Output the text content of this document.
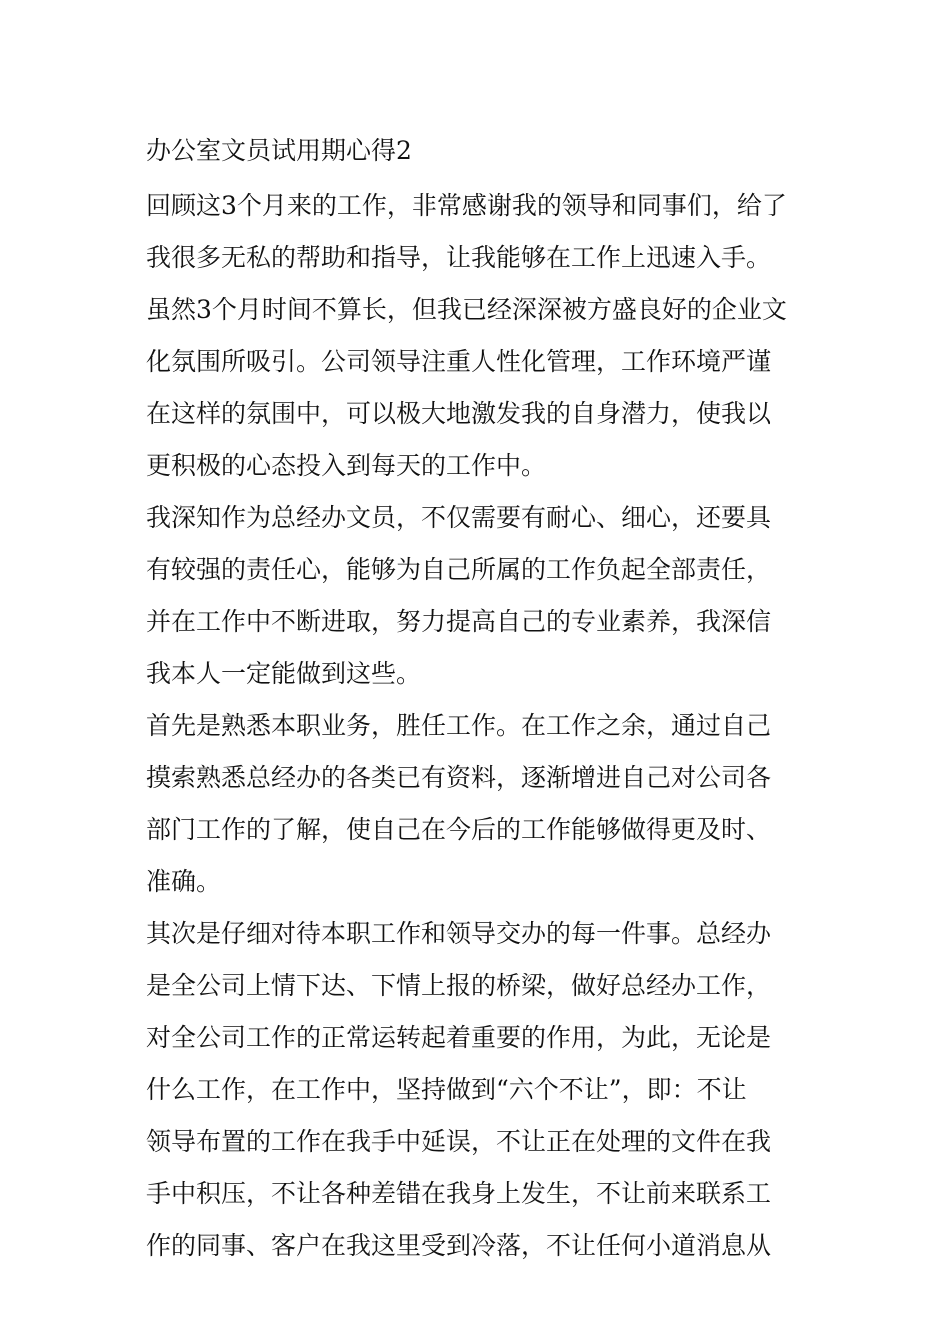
办公室文员试用期心得2

回顾这3个月来的工作，非常感谢我的领导和同事们，给了
我很多无私的帮助和指导，让我能够在工作上迅速入手。

虽然3个月时间不算长，但我已经深深被方盛良好的企业文
化氛围所吸引。公司领导注重人性化管理，工作环境严谨
在这样的氛围中，可以极大地激发我的自身潜力，使我以
更积极的心态投入到每天的工作中。

我深知作为总经办文员，不仅需要有耐心、细心，还要具
有较强的责任心，能够为自己所属的工作负起全部责任，
并在工作中不断进取，努力提高自己的专业素养，我深信
我本人一定能做到这些。

首先是熟悉本职业务，胜任工作。在工作之余，通过自己
摸索熟悉总经办的各类已有资料，逐渐增进自己对公司各
部门工作的了解，使自己在今后的工作能够做得更及时、
准确。

其次是仔细对待本职工作和领导交办的每一件事。总经办
是全公司上情下达、下情上报的桥梁，做好总经办工作，
对全公司工作的正常运转起着重要的作用，为此，无论是
什么工作，在工作中，坚持做到“六个不让”，即：不让
领导布置的工作在我手中延误，不让正在处理的文件在我
手中积压，不让各种差错在我身上发生，不让前来联系工
作的同事、客户在我这里受到冷落，不让任何小道消息从
